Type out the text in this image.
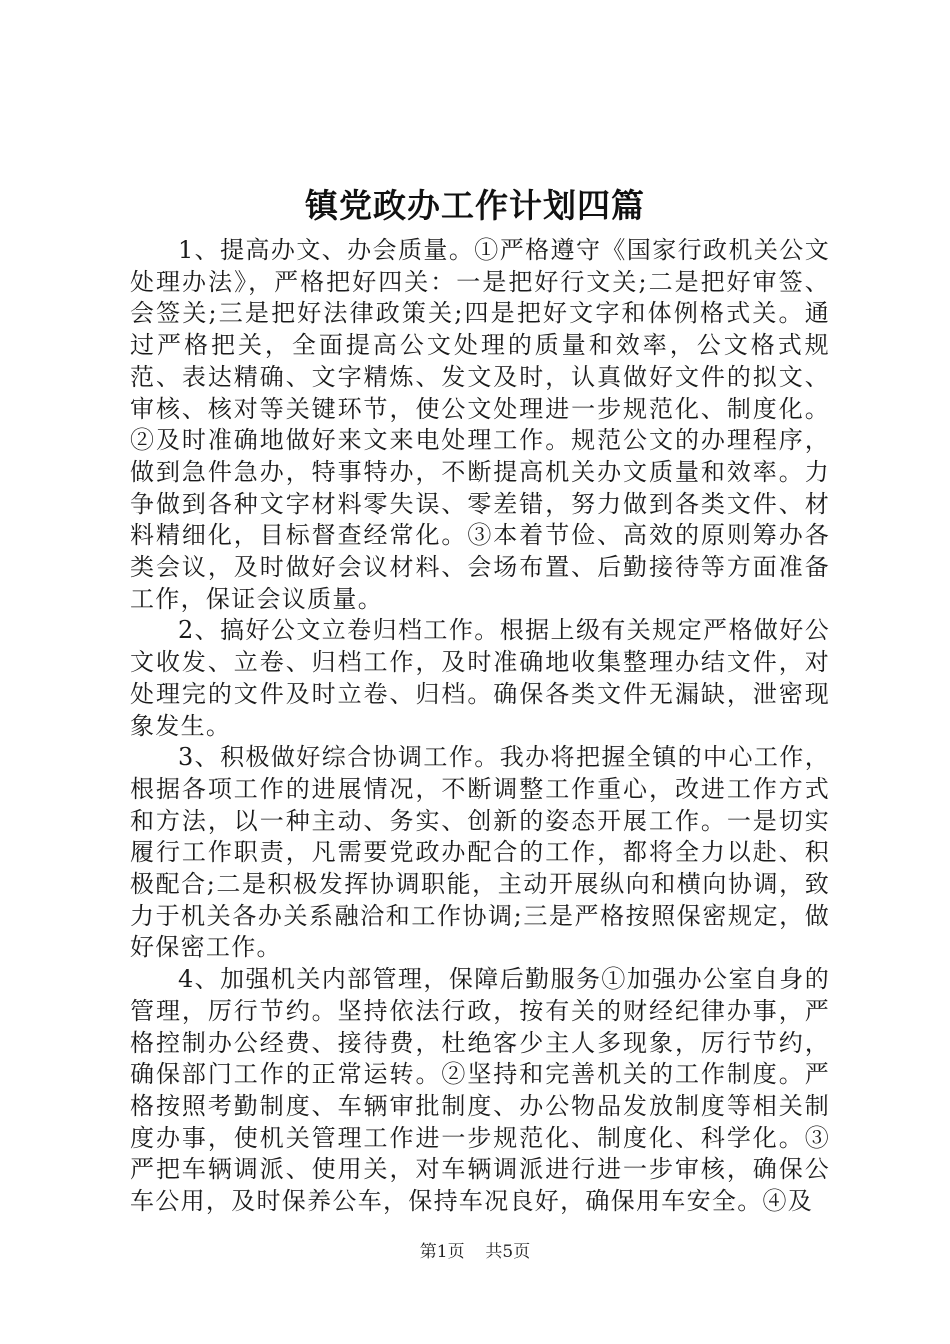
镇党政办工作计划四篇

1、提高办文、办会质量。①严格遵守《国家行政机关公文处理办法》，严格把好四关：一是把好行文关;二是把好审签、会签关;三是把好法律政策关;四是把好文字和体例格式关。通过严格把关，全面提高公文处理的质量和效率，公文格式规范、表达精确、文字精炼、发文及时，认真做好文件的拟文、审核、核对等关键环节，使公文处理进一步规范化、制度化。②及时准确地做好来文来电处理工作。规范公文的办理程序，做到急件急办，特事特办，不断提高机关办文质量和效率。力争做到各种文字材料零失误、零差错，努力做到各类文件、材料精细化，目标督查经常化。③本着节俭、高效的原则筹办各类会议，及时做好会议材料、会场布置、后勤接待等方面准备工作，保证会议质量。

2、搞好公文立卷归档工作。根据上级有关规定严格做好公文收发、立卷、归档工作，及时准确地收集整理办结文件，对处理完的文件及时立卷、归档。确保各类文件无漏缺，泄密现象发生。

3、积极做好综合协调工作。我办将把握全镇的中心工作，根据各项工作的进展情况，不断调整工作重心，改进工作方式和方法，以一种主动、务实、创新的姿态开展工作。一是切实履行工作职责，凡需要党政办配合的工作，都将全力以赴、积极配合;二是积极发挥协调职能，主动开展纵向和横向协调，致力于机关各办关系融洽和工作协调;三是严格按照保密规定，做好保密工作。

4、加强机关内部管理，保障后勤服务①加强办公室自身的管理，厉行节约。坚持依法行政，按有关的财经纪律办事，严格控制办公经费、接待费，杜绝客少主人多现象，厉行节约，确保部门工作的正常运转。②坚持和完善机关的工作制度。严格按照考勤制度、车辆审批制度、办公物品发放制度等相关制度办事，使机关管理工作进一步规范化、制度化、科学化。③严把车辆调派、使用关，对车辆调派进行进一步审核，确保公车公用，及时保养公车，保持车况良好，确保用车安全。④及

第1页 共5页
